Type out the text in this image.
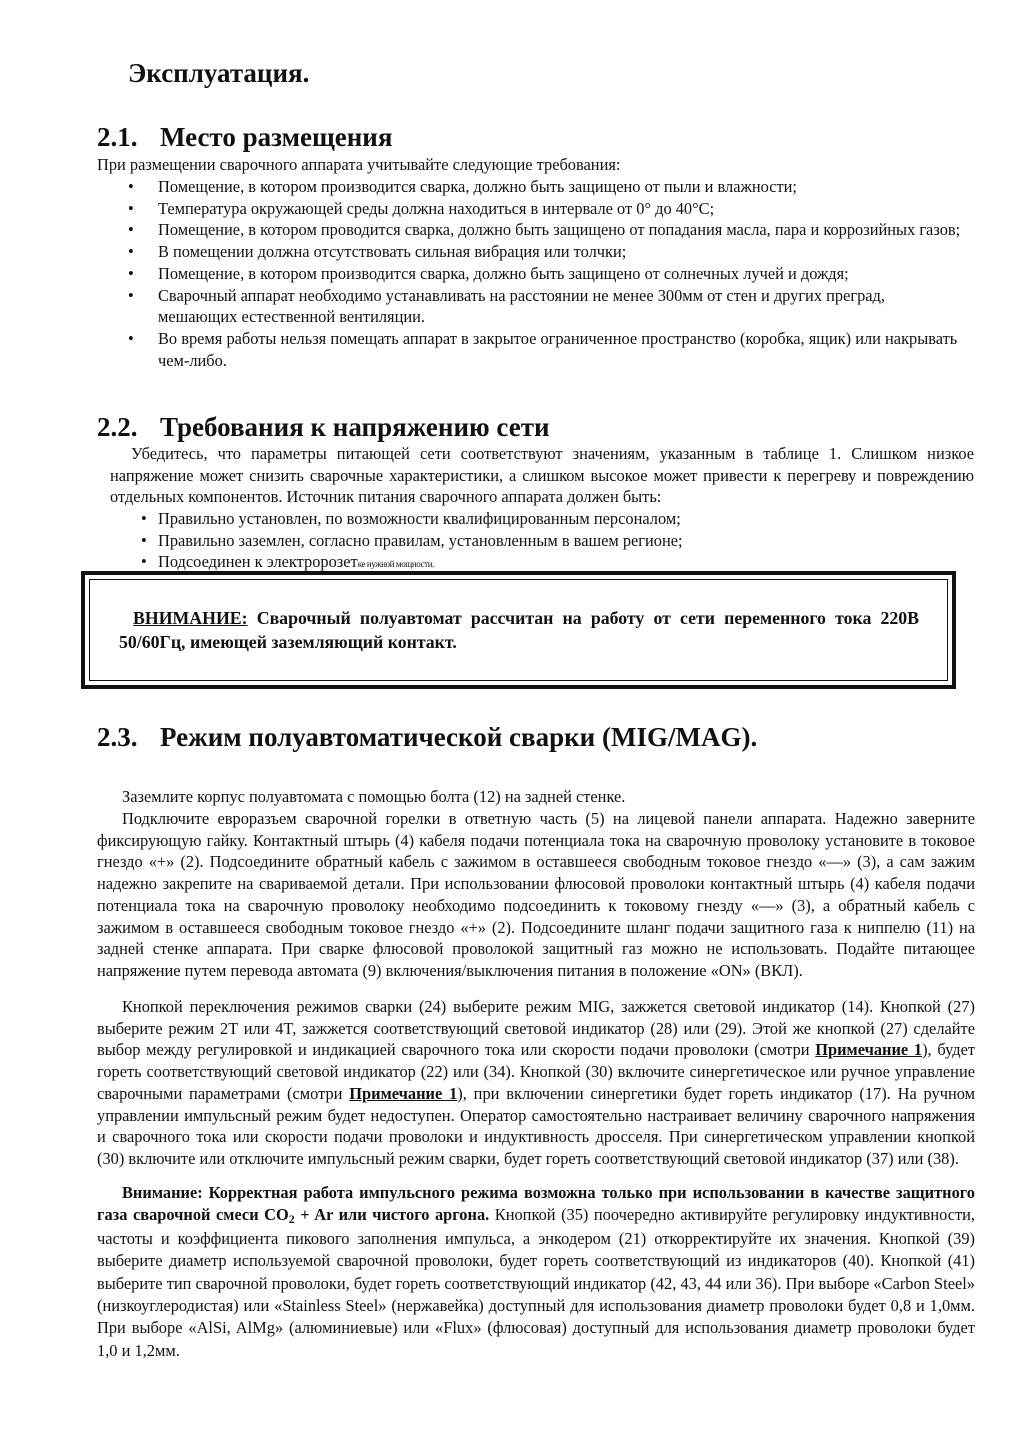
Эксплуатация.
2.1. Место размещения
При размещении сварочного аппарата учитывайте следующие требования:
• Помещение, в котором производится сварка, должно быть защищено от пыли и влажности;
• Температура окружающей среды должна находиться в интервале от 0° до 40°С;
• Помещение, в котором проводится сварка, должно быть защищено от попадания масла, пара и коррозийных газов;
• В помещении должна отсутствовать сильная вибрация или толчки;
• Помещение, в котором производится сварка, должно быть защищено от солнечных лучей и дождя;
• Сварочный аппарат необходимо устанавливать на расстоянии не менее 300мм от стен и других преград, мешающих естественной вентиляции.
• Во время работы нельзя помещать аппарат в закрытое ограниченное пространство (коробка, ящик) или накрывать чем-либо.
2.2. Требования к напряжению сети
Убедитесь, что параметры питающей сети соответствуют значениям, указанным в таблице 1. Слишком низкое напряжение может снизить сварочные характеристики, а слишком высокое может привести к перегреву и повреждению отдельных компонентов. Источник питания сварочного аппарата должен быть:
• Правильно установлен, по возможности квалифицированным персоналом;
• Правильно заземлен, согласно правилам, установленным в вашем регионе;
• Подсоединен к электророзетке нужной мощности.
ВНИМАНИЕ: Сварочный полуавтомат рассчитан на работу от сети переменного тока 220В 50/60Гц, имеющей заземляющий контакт.
2.3. Режим полуавтоматической сварки (MIG/MAG).
Заземлите корпус полуавтомата с помощью болта (12) на задней стенке.
Подключите евроразъем сварочной горелки в ответную часть (5) на лицевой панели аппарата. Надежно заверните фиксирующую гайку. Контактный штырь (4) кабеля подачи потенциала тока на сварочную проволоку установите в токовое гнездо «+» (2). Подсоедините обратный кабель с зажимом в оставшееся свободным токовое гнездо «—» (3), а сам зажим надежно закрепите на свариваемой детали. При использовании флюсовой проволоки контактный штырь (4) кабеля подачи потенциала тока на сварочную проволоку необходимо подсоединить к токовому гнезду «—» (3), а обратный кабель с зажимом в оставшееся свободным токовое гнездо «+» (2). Подсоедините шланг подачи защитного газа к ниппелю (11) на задней стенке аппарата. При сварке флюсовой проволокой защитный газ можно не использовать. Подайте питающее напряжение путем перевода автомата (9) включения/выключения питания в положение «ON» (ВКЛ).
Кнопкой переключения режимов сварки (24) выберите режим MIG, зажжется световой индикатор (14). Кнопкой (27) выберите режим 2T или 4T, зажжется соответствующий световой индикатор (28) или (29). Этой же кнопкой (27) сделайте выбор между регулировкой и индикацией сварочного тока или скорости подачи проволоки (смотри Примечание 1), будет гореть соответствующий световой индикатор (22) или (34). Кнопкой (30) включите синергетическое или ручное управление сварочными параметрами (смотри Примечание 1), при включении синергетики будет гореть индикатор (17). На ручном управлении импульсный режим будет недоступен. Оператор самостоятельно настраивает величину сварочного напряжения и сварочного тока или скорости подачи проволоки и индуктивность дросселя. При синергетическом управлении кнопкой (30) включите или отключите импульсный режим сварки, будет гореть соответствующий световой индикатор (37) или (38).
Внимание: Корректная работа импульсного режима возможна только при использовании в качестве защитного газа сварочной смеси CO2 + Ar или чистого аргона. Кнопкой (35) поочередно активируйте регулировку индуктивности, частоты и коэффициента пикового заполнения импульса, а энкодером (21) откорректируйте их значения. Кнопкой (39) выберите диаметр используемой сварочной проволоки, будет гореть соответствующий из индикаторов (40). Кнопкой (41) выберите тип сварочной проволоки, будет гореть соответствующий индикатор (42, 43, 44 или 36). При выборе «Carbon Steel» (низкоуглеродистая) или «Stainless Steel» (нержавейка) доступный для использования диаметр проволоки будет 0,8 и 1,0мм. При выборе «AlSi, AlMg» (алюминиевые) или «Flux» (флюсовая) доступный для использования диаметр проволоки будет 1,0 и 1,2мм.
